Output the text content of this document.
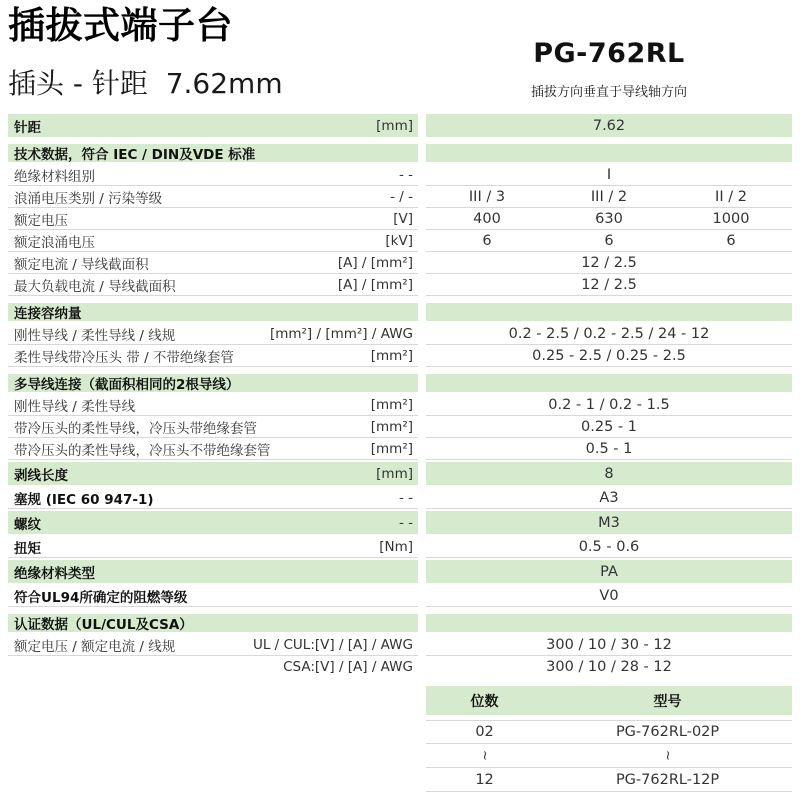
插拔式端子台
插头 - 针距  7.62mm
PG-762RL
插拔方向垂直于导线轴方向
针距	[mm]	7.62
技术数据，符合 IEC / DIN及VDE 标准
绝缘材料组别	- -	I
浪涌电压类别 / 污染等级	- / -	III / 3	III / 2	II / 2
额定电压	[V]	400	630	1000
额定浪涌电压	[kV]	6	6	6
额定电流 / 导线截面积	[A] / [mm²]	12 / 2.5
最大负载电流 / 导线截面积	[A] / [mm²]	12 / 2.5
连接容纳量
刚性导线 / 柔性导线 / 线规	[mm²] / [mm²] / AWG	0.2 - 2.5 / 0.2 - 2.5 / 24 - 12
柔性导线带冷压头 带 / 不带绝缘套管	[mm²]	0.25 - 2.5 / 0.25 - 2.5
多导线连接（截面积相同的2根导线）
刚性导线 / 柔性导线	[mm²]	0.2 - 1 / 0.2 - 1.5
带冷压头的柔性导线，冷压头带绝缘套管	[mm²]	0.25 - 1
带冷压头的柔性导线，冷压头不带绝缘套管	[mm²]	0.5 - 1
剥线长度	[mm]	8
塞规 (IEC 60 947-1)	- -	A3
螺纹	- -	M3
扭矩	[Nm]	0.5 - 0.6
绝缘材料类型	PA
符合UL94所确定的阻燃等级	V0
认证数据（UL/CUL及CSA）
额定电压 / 额定电流 / 线规	UL / CUL:[V] / [A] / AWG	300 / 10 / 30 - 12
CSA:[V] / [A] / AWG	300 / 10 / 28 - 12
位数	型号
02	PG-762RL-02P
~	~
12	PG-762RL-12P
